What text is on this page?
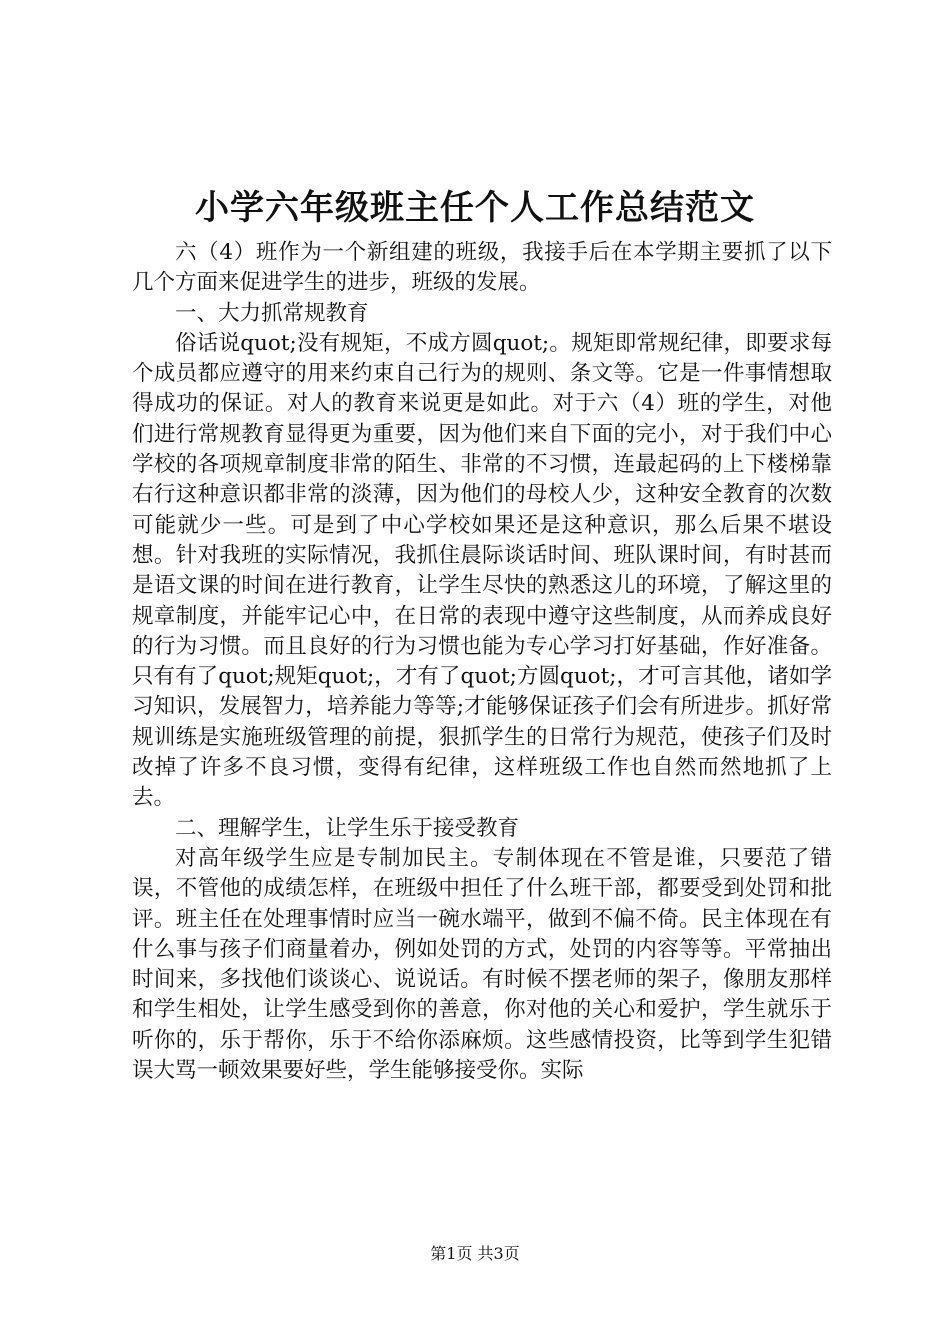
小学六年级班主任个人工作总结范文

六（4）班作为一个新组建的班级，我接手后在本学期主要抓了以下几个方面来促进学生的进步，班级的发展。

一、大力抓常规教育

俗话说quot;没有规矩，不成方圆quot;。规矩即常规纪律，即要求每个成员都应遵守的用来约束自己行为的规则、条文等。它是一件事情想取得成功的保证。对人的教育来说更是如此。对于六（4）班的学生，对他们进行常规教育显得更为重要，因为他们来自下面的完小，对于我们中心学校的各项规章制度非常的陌生、非常的不习惯，连最起码的上下楼梯靠右行这种意识都非常的淡薄，因为他们的母校人少，这种安全教育的次数可能就少一些。可是到了中心学校如果还是这种意识，那么后果不堪设想。针对我班的实际情况，我抓住晨际谈话时间、班队课时间，有时甚而是语文课的时间在进行教育，让学生尽快的熟悉这儿的环境，了解这里的规章制度，并能牢记心中，在日常的表现中遵守这些制度，从而养成良好的行为习惯。而且良好的行为习惯也能为专心学习打好基础，作好准备。只有有了quot;规矩quot;，才有了quot;方圆quot;，才可言其他，诸如学习知识，发展智力，培养能力等等;才能够保证孩子们会有所进步。抓好常规训练是实施班级管理的前提，狠抓学生的日常行为规范，使孩子们及时改掉了许多不良习惯，变得有纪律，这样班级工作也自然而然地抓了上去。

二、理解学生，让学生乐于接受教育

对高年级学生应是专制加民主。专制体现在不管是谁，只要范了错误，不管他的成绩怎样，在班级中担任了什么班干部，都要受到处罚和批评。班主任在处理事情时应当一碗水端平，做到不偏不倚。民主体现在有什么事与孩子们商量着办，例如处罚的方式，处罚的内容等等。平常抽出时间来，多找他们谈谈心、说说话。有时候不摆老师的架子，像朋友那样和学生相处，让学生感受到你的善意，你对他的关心和爱护，学生就乐于听你的，乐于帮你，乐于不给你添麻烦。这些感情投资，比等到学生犯错误大骂一顿效果要好些，学生能够接受你。实际

第1页 共3页
